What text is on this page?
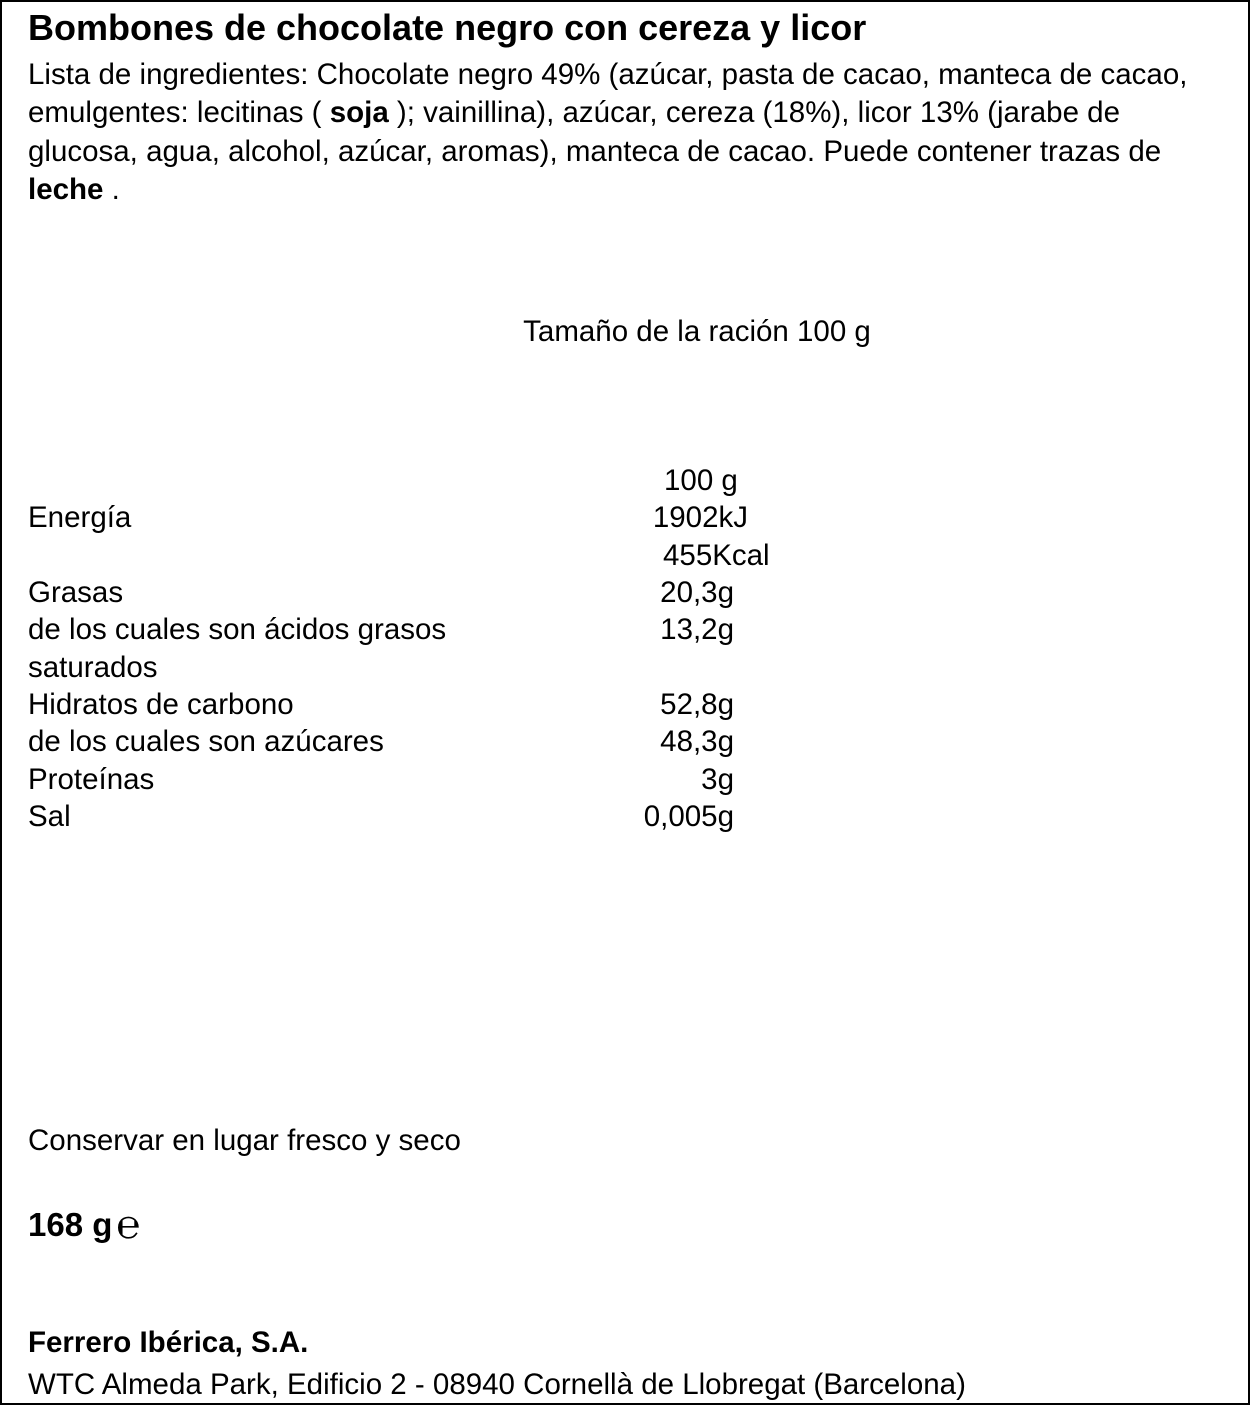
Bombones de chocolate negro con cereza y licor
Lista de ingredientes: Chocolate negro 49% (azúcar, pasta de cacao, manteca de cacao, emulgentes: lecitinas ( soja ); vainillina), azúcar, cereza (18%), licor 13% (jarabe de glucosa, agua, alcohol, azúcar, aromas), manteca de cacao. Puede contener trazas de leche .
Tamaño de la ración 100 g
100 g
Energía	1902kJ
455Kcal
Grasas	20,3g
de los cuales son ácidos grasos	13,2g
saturados
Hidratos de carbono	52,8g
de los cuales son azúcares	48,3g
Proteínas	3g
Sal	0,005g
Conservar en lugar fresco y seco
168 g ℮
Ferrero Ibérica, S.A.
WTC Almeda Park, Edificio 2 - 08940 Cornellà de Llobregat (Barcelona)
